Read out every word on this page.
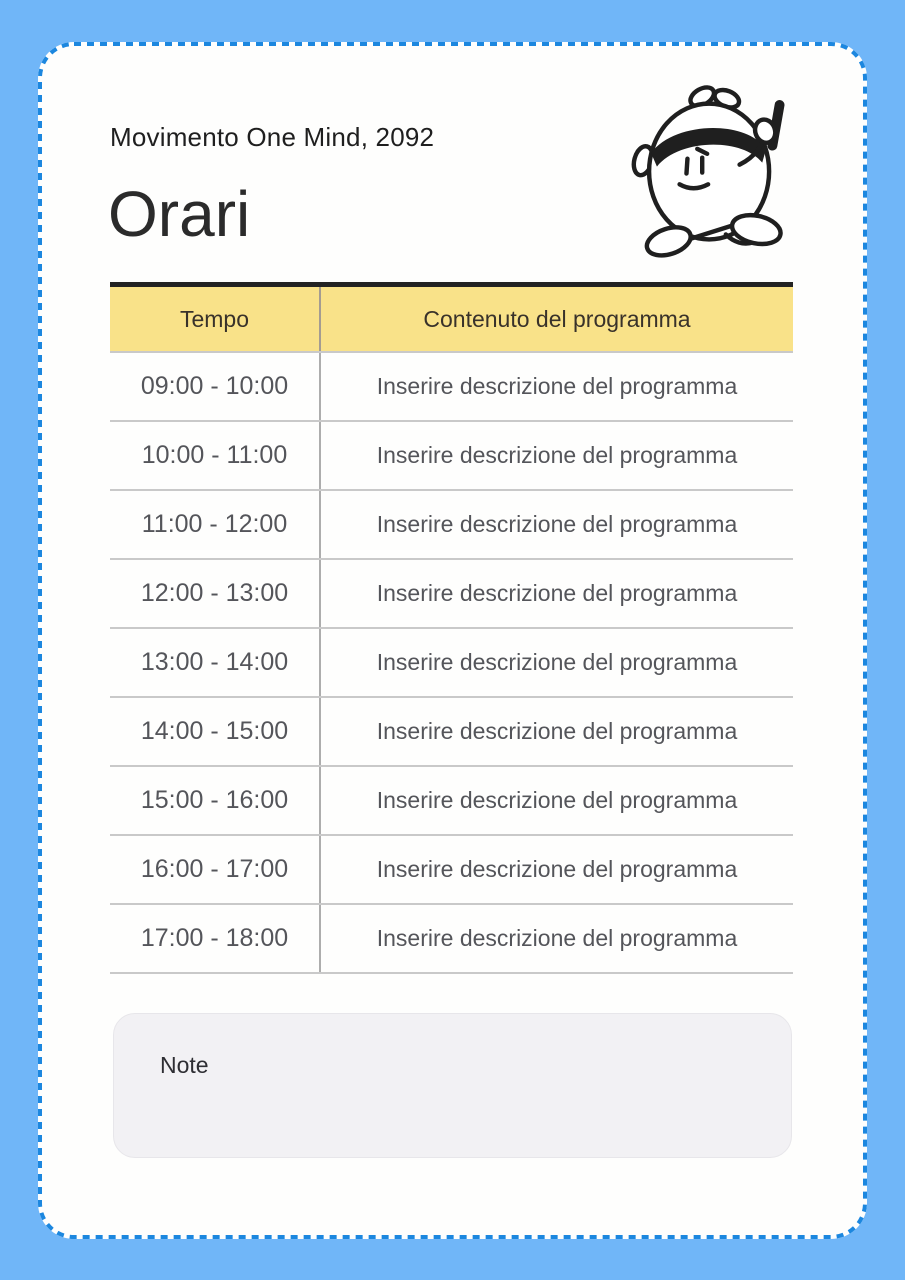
Movimento One Mind, 2092
Orari
Tempo	Contenuto del programma
09:00 - 10:00	Inserire descrizione del programma
10:00 - 11:00	Inserire descrizione del programma
11:00 - 12:00	Inserire descrizione del programma
12:00 - 13:00	Inserire descrizione del programma
13:00 - 14:00	Inserire descrizione del programma
14:00 - 15:00	Inserire descrizione del programma
15:00 - 16:00	Inserire descrizione del programma
16:00 - 17:00	Inserire descrizione del programma
17:00 - 18:00	Inserire descrizione del programma
Note
